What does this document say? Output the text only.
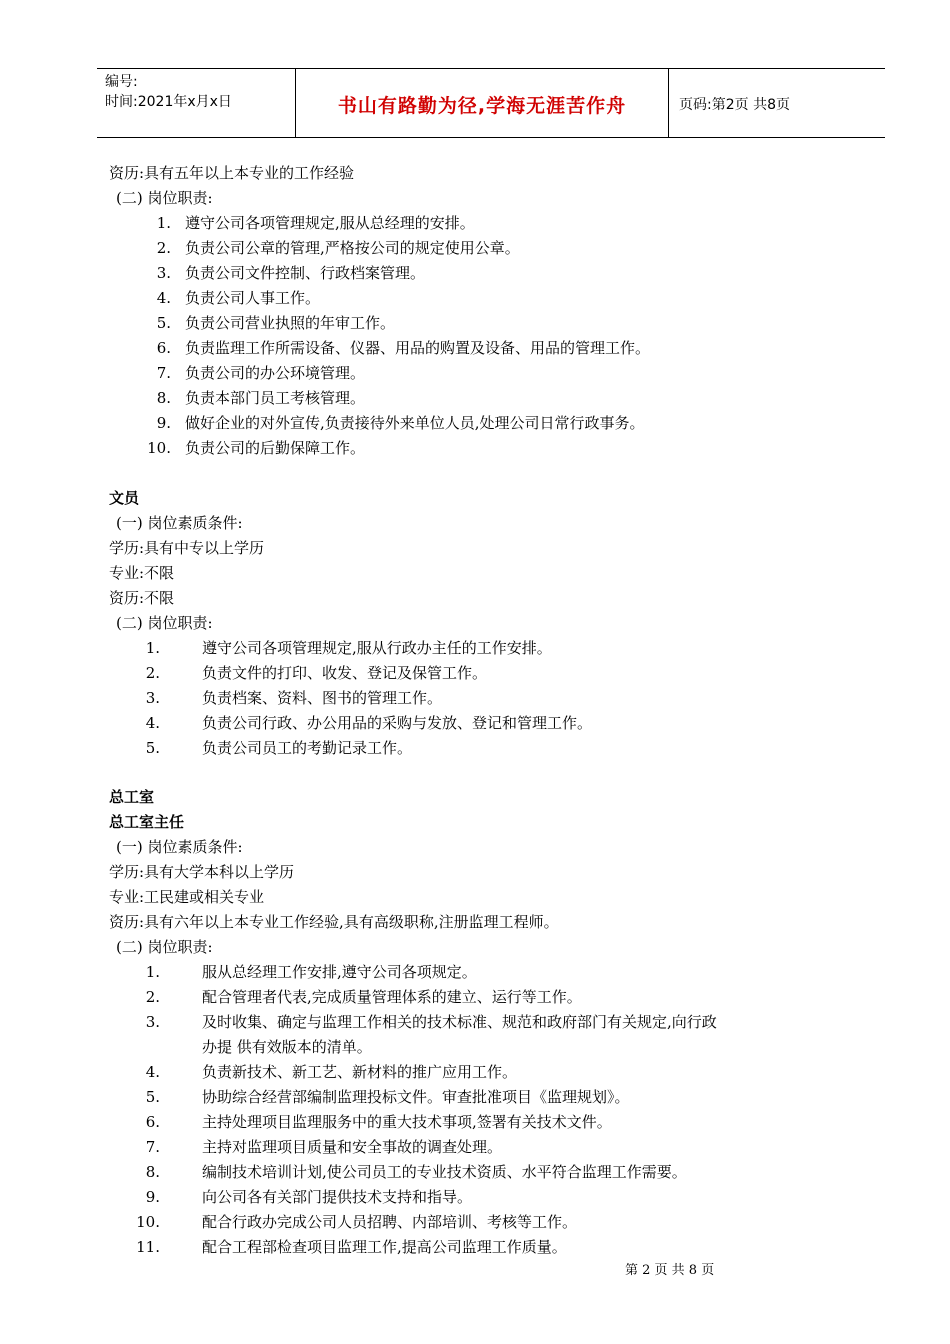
编号:
时间:2021年x月x日	书山有路勤为径,学海无涯苦作舟	页码:第2页 共8页
资历:具有五年以上本专业的工作经验
(二) 岗位职责:
1. 遵守公司各项管理规定,服从总经理的安排。
2. 负责公司公章的管理,严格按公司的规定使用公章。
3. 负责公司文件控制、行政档案管理。
4. 负责公司人事工作。
5. 负责公司营业执照的年审工作。
6. 负责监理工作所需设备、仪器、用品的购置及设备、用品的管理工作。
7. 负责公司的办公环境管理。
8. 负责本部门员工考核管理。
9. 做好企业的对外宣传,负责接待外来单位人员,处理公司日常行政事务。
10. 负责公司的后勤保障工作。
文员
(一) 岗位素质条件:
学历:具有中专以上学历
专业:不限
资历:不限
(二) 岗位职责:
1.	遵守公司各项管理规定,服从行政办主任的工作安排。
2.	负责文件的打印、收发、登记及保管工作。
3.	负责档案、资料、图书的管理工作。
4.	负责公司行政、办公用品的采购与发放、登记和管理工作。
5.	负责公司员工的考勤记录工作。
总工室
总工室主任
(一) 岗位素质条件:
学历:具有大学本科以上学历
专业:工民建或相关专业
资历:具有六年以上本专业工作经验,具有高级职称,注册监理工程师。
(二) 岗位职责:
1.	服从总经理工作安排,遵守公司各项规定。
2.	配合管理者代表,完成质量管理体系的建立、运行等工作。
3.	及时收集、确定与监理工作相关的技术标准、规范和政府部门有关规定,向行政
办提 供有效版本的清单。
4.	负责新技术、新工艺、新材料的推广应用工作。
5.	协助综合经营部编制监理投标文件。审查批准项目《监理规划》。
6.	主持处理项目监理服务中的重大技术事项,签署有关技术文件。
7.	主持对监理项目质量和安全事故的调查处理。
8.	编制技术培训计划,使公司员工的专业技术资质、水平符合监理工作需要。
9.	向公司各有关部门提供技术支持和指导。
10.	配合行政办完成公司人员招聘、内部培训、考核等工作。
11.	配合工程部检查项目监理工作,提高公司监理工作质量。
第 2 页 共 8 页
